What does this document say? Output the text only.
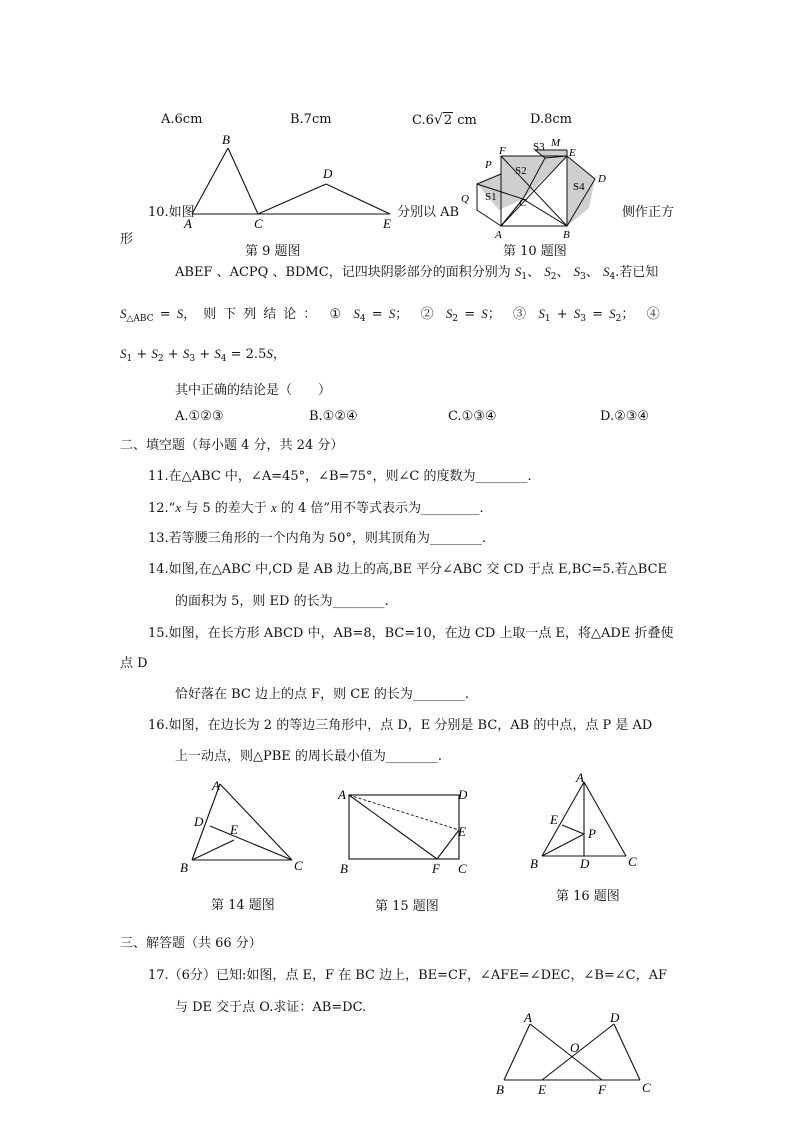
A.6cm	B.7cm	C.6√2 cm	D.8cm
A
B
C
D
E
10.如图	分别以 AB	侧作正方
形
F S3 M
E
P S2
D
Q S1 C
S4
A	B
第 9 题图	第 10 题图
ABEF 、ACPQ 、BDMC，记四块阴影部分的面积分别为 $S_1$、 $S_2$、 $S_3$、 $S_4$.若已知
$S_{\triangle ABC} = S$，则下列结论： ① $S_4 = S$； ② $S_2 = S$； ③ $S_1 + S_3 = S_2$； ④
$S_1 + S_2 + S_3 + S_4 = 2.5S$，
其中正确的结论是（　　）
A.①②③	B.①②④	C.①③④	D.②③④
二、填空题（每小题 4 分，共 24 分）
11.在△ABC 中，∠A=45°，∠B=75°，则∠C 的度数为________.
12.“x 与 5 的差大于 x 的 4 倍”用不等式表示为_________.
13.若等腰三角形的一个内角为 50°，则其顶角为________.
14.如图,在△ABC 中,CD 是 AB 边上的高,BE 平分∠ABC 交 CD 于点 E,BC=5.若△BCE
的面积为 5，则 ED 的长为________.
15.如图，在长方形 ABCD 中，AB=8，BC=10，在边 CD 上取一点 E，将△ADE 折叠使
点 D
恰好落在 BC 边上的点 F，则 CE 的长为________.
16.如图，在边长为 2 的等边三角形中，点 D，E 分别是 BC，AB 的中点，点 P 是 AD
上一动点，则△PBE 的周长最小值为________.
A
D
E
B	C
A	D
E
B	F C
A
E
P
B	D	C
第 14 题图	第 15 题图
第 16 题图
三、解答题（共 66 分）
17.（6分）已知:如图，点 E，F 在 BC 边上，BE=CF，∠AFE=∠DEC，∠B=∠C，AF
与 DE 交于点 O.求证：AB=DC.
A	D
O
B	E	F	C
